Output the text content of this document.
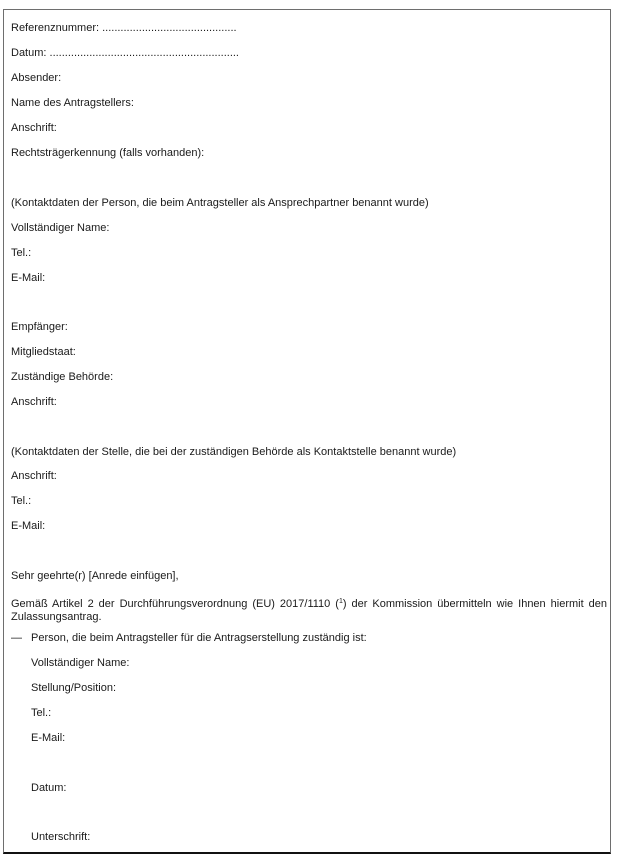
Referenznummer: ............................................
Datum: ..............................................................
Absender:
Name des Antragstellers:
Anschrift:
Rechtsträgerkennung (falls vorhanden):
(Kontaktdaten der Person, die beim Antragsteller als Ansprechpartner benannt wurde)
Vollständiger Name:
Tel.:
E-Mail:
Empfänger:
Mitgliedstaat:
Zuständige Behörde:
Anschrift:
(Kontaktdaten der Stelle, die bei der zuständigen Behörde als Kontaktstelle benannt wurde)
Anschrift:
Tel.:
E-Mail:
Sehr geehrte(r) [Anrede einfügen],
Gemäß Artikel 2 der Durchführungsverordnung (EU) 2017/1110 ($^1$) der Kommission übermitteln wie Ihnen hiermit den Zulassungsantrag.
— Person, die beim Antragsteller für die Antragserstellung zuständig ist:
Vollständiger Name:
Stellung/Position:
Tel.:
E-Mail:
Datum:
Unterschrift:
